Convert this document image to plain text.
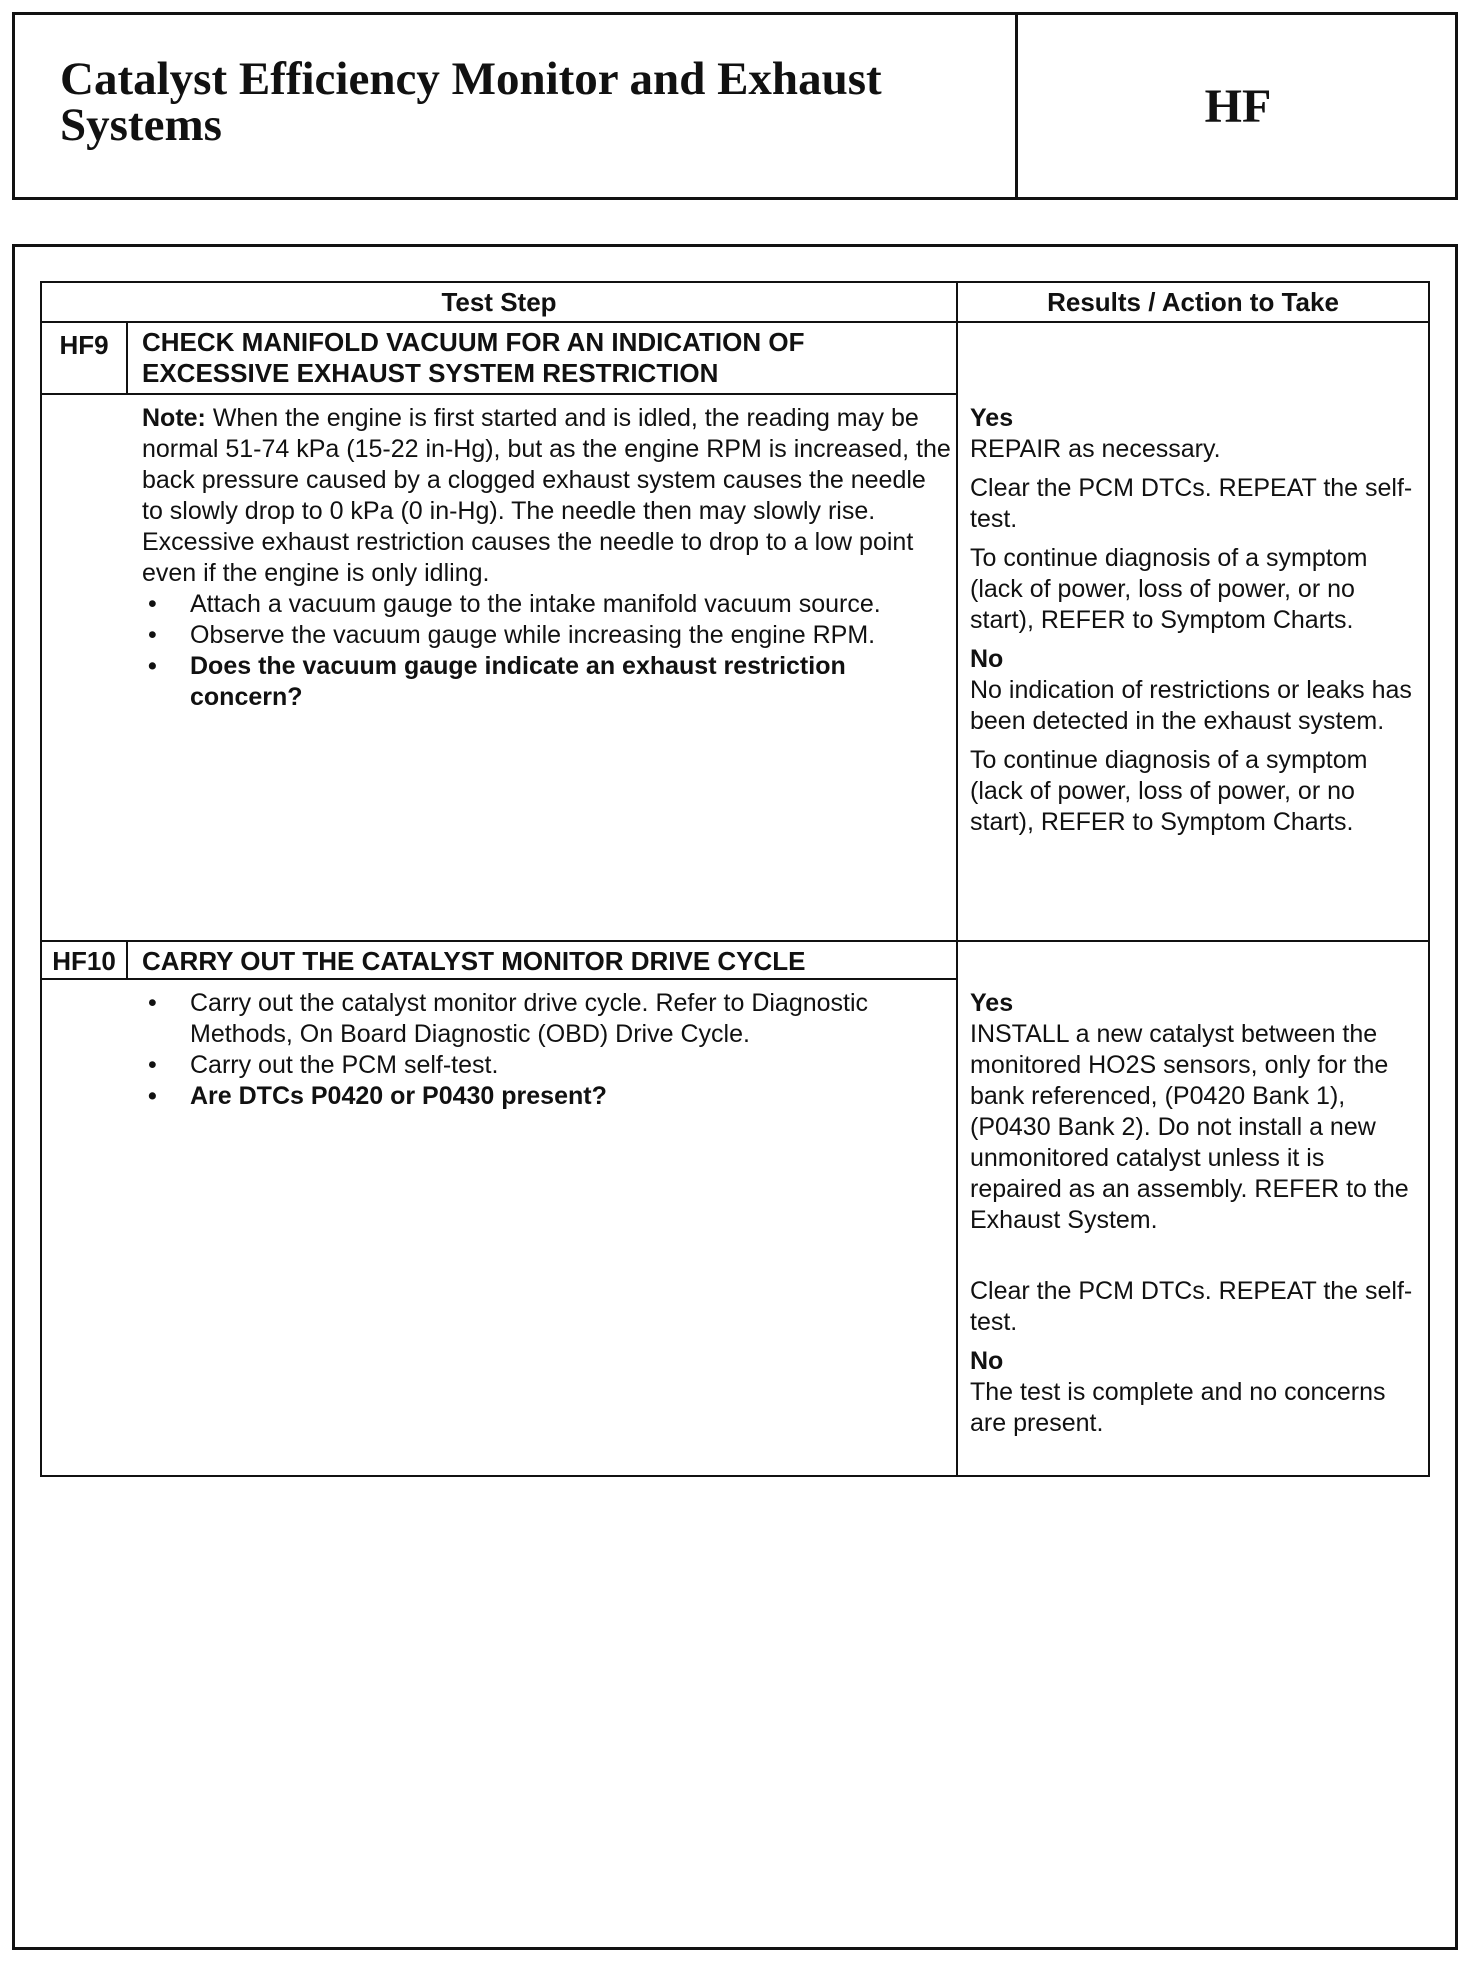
Catalyst Efficiency Monitor and Exhaust Systems	HF
Test Step	Results / Action to Take
HF9	CHECK MANIFOLD VACUUM FOR AN INDICATION OF EXCESSIVE EXHAUST SYSTEM RESTRICTION

Note: When the engine is first started and is idled, the reading may be normal 51-74 kPa (15-22 in-Hg), but as the engine RPM is increased, the back pressure caused by a clogged exhaust system causes the needle to slowly drop to 0 kPa (0 in-Hg). The needle then may slowly rise. Excessive exhaust restriction causes the needle to drop to a low point even if the engine is only idling.

• Attach a vacuum gauge to the intake manifold vacuum source.
• Observe the vacuum gauge while increasing the engine RPM.
• Does the vacuum gauge indicate an exhaust restriction concern?

Yes

REPAIR as necessary.

Clear the PCM DTCs. REPEAT the self-test.

To continue diagnosis of a symptom (lack of power, loss of power, or no start), REFER to Symptom Charts.

No

No indication of restrictions or leaks has been detected in the exhaust system.

To continue diagnosis of a symptom (lack of power, loss of power, or no start), REFER to Symptom Charts.

HF10	CARRY OUT THE CATALYST MONITOR DRIVE CYCLE
• Carry out the catalyst monitor drive cycle. Refer to Diagnostic Methods, On Board Diagnostic (OBD) Drive Cycle.
• Carry out the PCM self-test.
• Are DTCs P0420 or P0430 present?

Yes

INSTALL a new catalyst between the monitored HO2S sensors, only for the bank referenced, (P0420 Bank 1), (P0430 Bank 2). Do not install a new unmonitored catalyst unless it is repaired as an assembly. REFER to the Exhaust System.

Clear the PCM DTCs. REPEAT the self-test.

No

The test is complete and no concerns are present.
